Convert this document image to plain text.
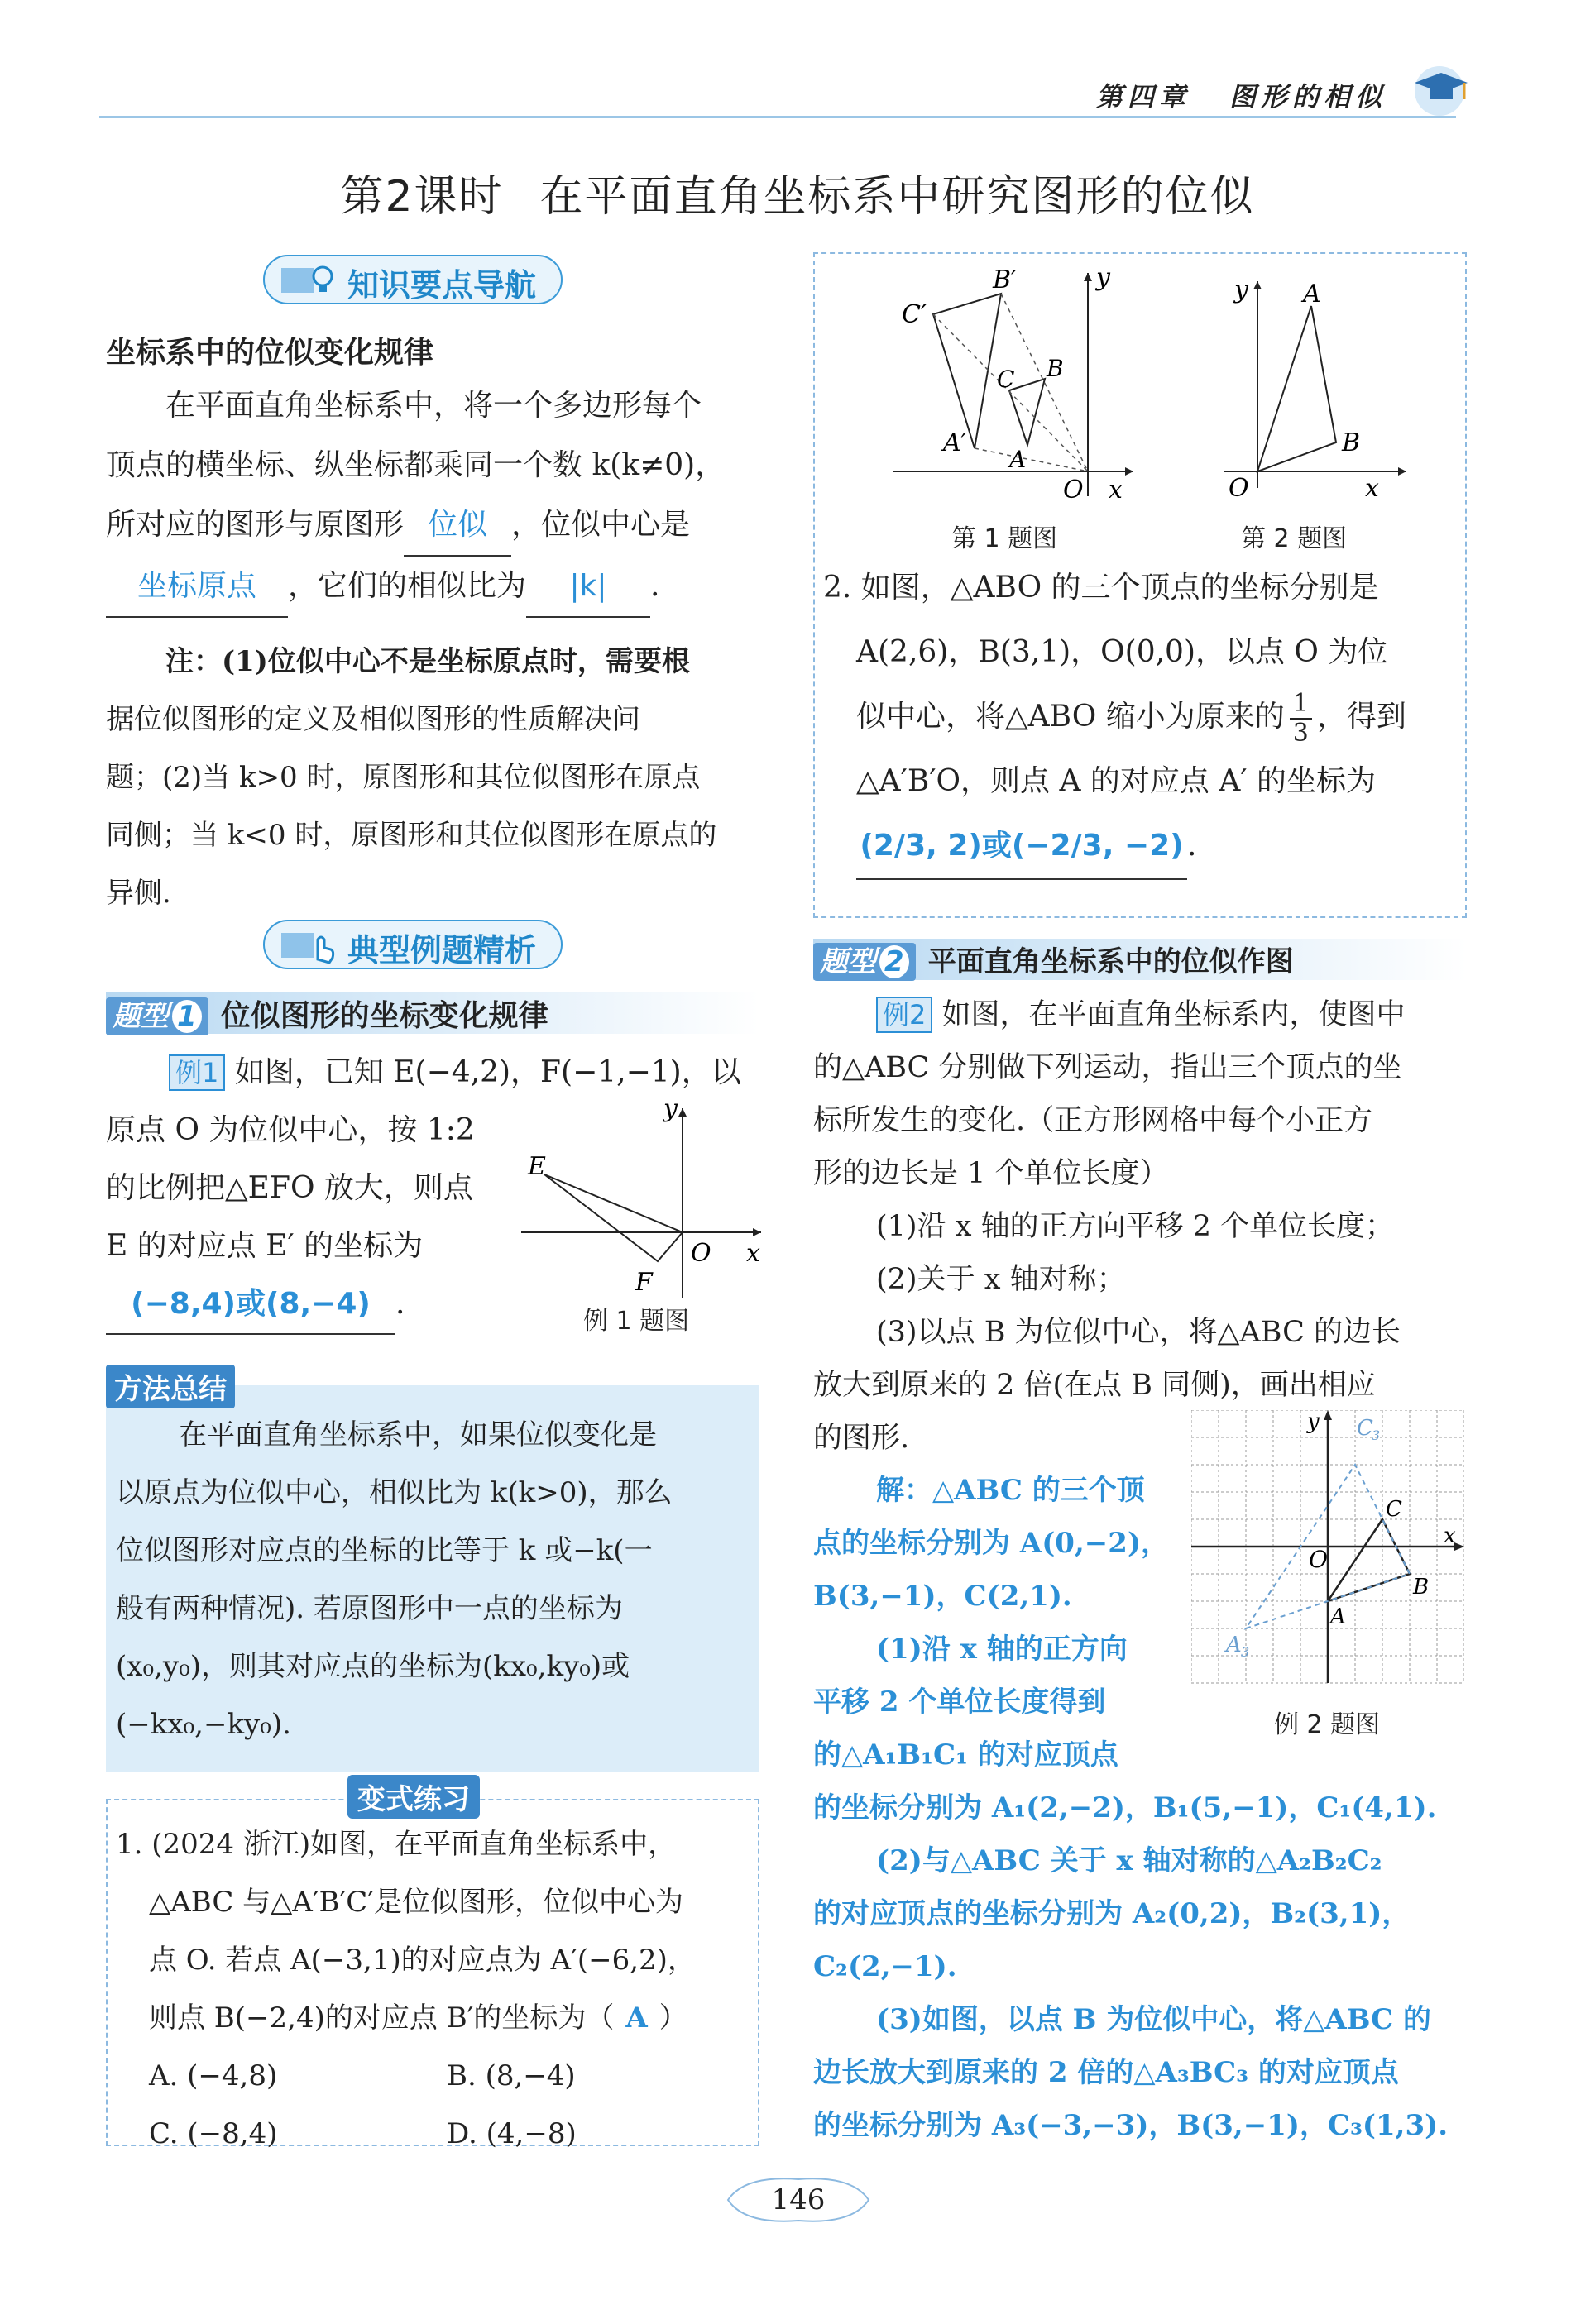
第四章 图形的相似
第2课时 在平面直角坐标系中研究图形的位似
知识要点导航
坐标系中的位似变化规律
在平面直角坐标系中，将一个多边形每个
顶点的横坐标、纵坐标都乘同一个数 k(k≠0)，
所对应的图形与原图形 位似 ，位似中心是
坐标原点 ，它们的相似比为 |k| .
注：(1)位似中心不是坐标原点时，需要根
据位似图形的定义及相似图形的性质解决问
题；(2)当 k>0 时，原图形和其位似图形在原点
同侧；当 k<0 时，原图形和其位似图形在原点的
异侧.
典型例题精析
题型 1 位似图形的坐标变化规律
例1 如图，已知 E(−4,2)，F(−1,−1)，以
原点 O 为位似中心，按 1:2
的比例把△EFO 放大，则点
E 的对应点 E′ 的坐标为
(−8,4)或(8,−4) .
E
F
O x
y
例 1 题图
方法总结
在平面直角坐标系中，如果位似变化是
以原点为位似中心，相似比为 k(k>0)，那么
位似图形对应点的坐标的比等于 k 或−k(一
般有两种情况). 若原图形中一点的坐标为
(x₀,y₀)，则其对应点的坐标为(kx₀,ky₀)或
(−kx₀,−ky₀).
变式练习
1. (2024 浙江)如图，在平面直角坐标系中，
△ABC 与△A′B′C′是位似图形，位似中心为
点 O. 若点 A(−3,1)的对应点为 A′(−6,2)，
则点 B(−2,4)的对应点 B′的坐标为（ A ）
A. (−4,8)	B. (8,−4)
C. (−8,4)	D. (4,−8)
C′
B′
A′
C B
A
O x
y
第 1 题图
A
B
O	x
y
第 2 题图
2. 如图，△ABO 的三个顶点的坐标分别是
A(2,6)，B(3,1)，O(0,0)，以点 O 为位
似中心，将△ABO 缩小为原来的 $\frac{1}{3}$ ，得到
△A′B′O，则点 A 的对应点 A′ 的坐标为
(2/3, 2)或(−2/3, −2) .
题型 2 平面直角坐标系中的位似作图
例2 如图，在平面直角坐标系内，使图中
的△ABC 分别做下列运动，指出三个顶点的坐
标所发生的变化.（正方形网格中每个小正方
形的边长是 1 个单位长度）
(1)沿 x 轴的正方向平移 2 个单位长度；
(2)关于 x 轴对称；
(3)以点 B 为位似中心，将△ABC 的边长
放大到原来的 2 倍(在点 B 同侧)，画出相应
的图形.
O
x
y
A
B
C
A 3
C
3
例 2 题图
解：△ABC 的三个顶
点的坐标分别为 A(0,−2)，
B(3,−1)，C(2,1).
(1)沿 x 轴的正方向
平移 2 个单位长度得到
的△A₁B₁C₁ 的对应顶点
的坐标分别为 A₁(2,−2)，B₁(5,−1)，C₁(4,1).
(2)与△ABC 关于 x 轴对称的△A₂B₂C₂
的对应顶点的坐标分别为 A₂(0,2)，B₂(3,1)，
C₂(2,−1).
(3)如图，以点 B 为位似中心，将△ABC 的
边长放大到原来的 2 倍的△A₃BC₃ 的对应顶点
的坐标分别为 A₃(−3,−3)，B(3,−1)，C₃(1,3).
146
